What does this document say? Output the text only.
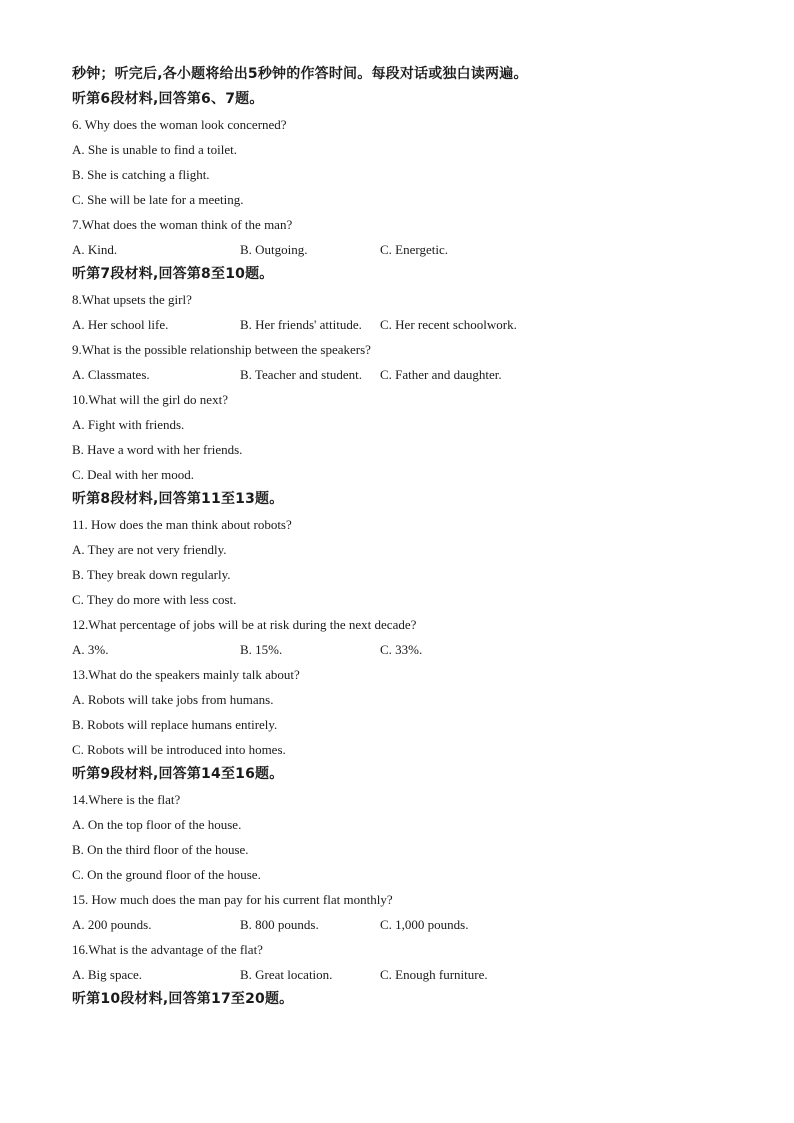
秒钟；听完后,各小题将给出5秒钟的作答时间。每段对话或独白读两遍。
听第6段材料,回答第6、7题。
6. Why does the woman look concerned?
A. She is unable to find a toilet.
B. She is catching a flight.
C. She will be late for a meeting.
7.What does the woman think of the man?
A. Kind.	B. Outgoing.	C. Energetic.
听第7段材料,回答第8至10题。
8.What upsets the girl?
A. Her school life.	B. Her friends' attitude.	C. Her recent schoolwork.
9.What is the possible relationship between the speakers?
A. Classmates.	B. Teacher and student.	C. Father and daughter.
10.What will the girl do next?
A. Fight with friends.
B. Have a word with her friends.
C. Deal with her mood.
听第8段材料,回答第11至13题。
11. How does the man think about robots?
A. They are not very friendly.
B. They break down regularly.
C. They do more with less cost.
12.What percentage of jobs will be at risk during the next decade?
A. 3%.	B. 15%.	C. 33%.
13.What do the speakers mainly talk about?
A. Robots will take jobs from humans.
B. Robots will replace humans entirely.
C. Robots will be introduced into homes.
听第9段材料,回答第14至16题。
14.Where is the flat?
A. On the top floor of the house.
B. On the third floor of the house.
C. On the ground floor of the house.
15. How much does the man pay for his current flat monthly?
A. 200 pounds.	B. 800 pounds.	C. 1,000 pounds.
16.What is the advantage of the flat?
A. Big space.	B. Great location.	C. Enough furniture.
听第10段材料,回答第17至20题。
